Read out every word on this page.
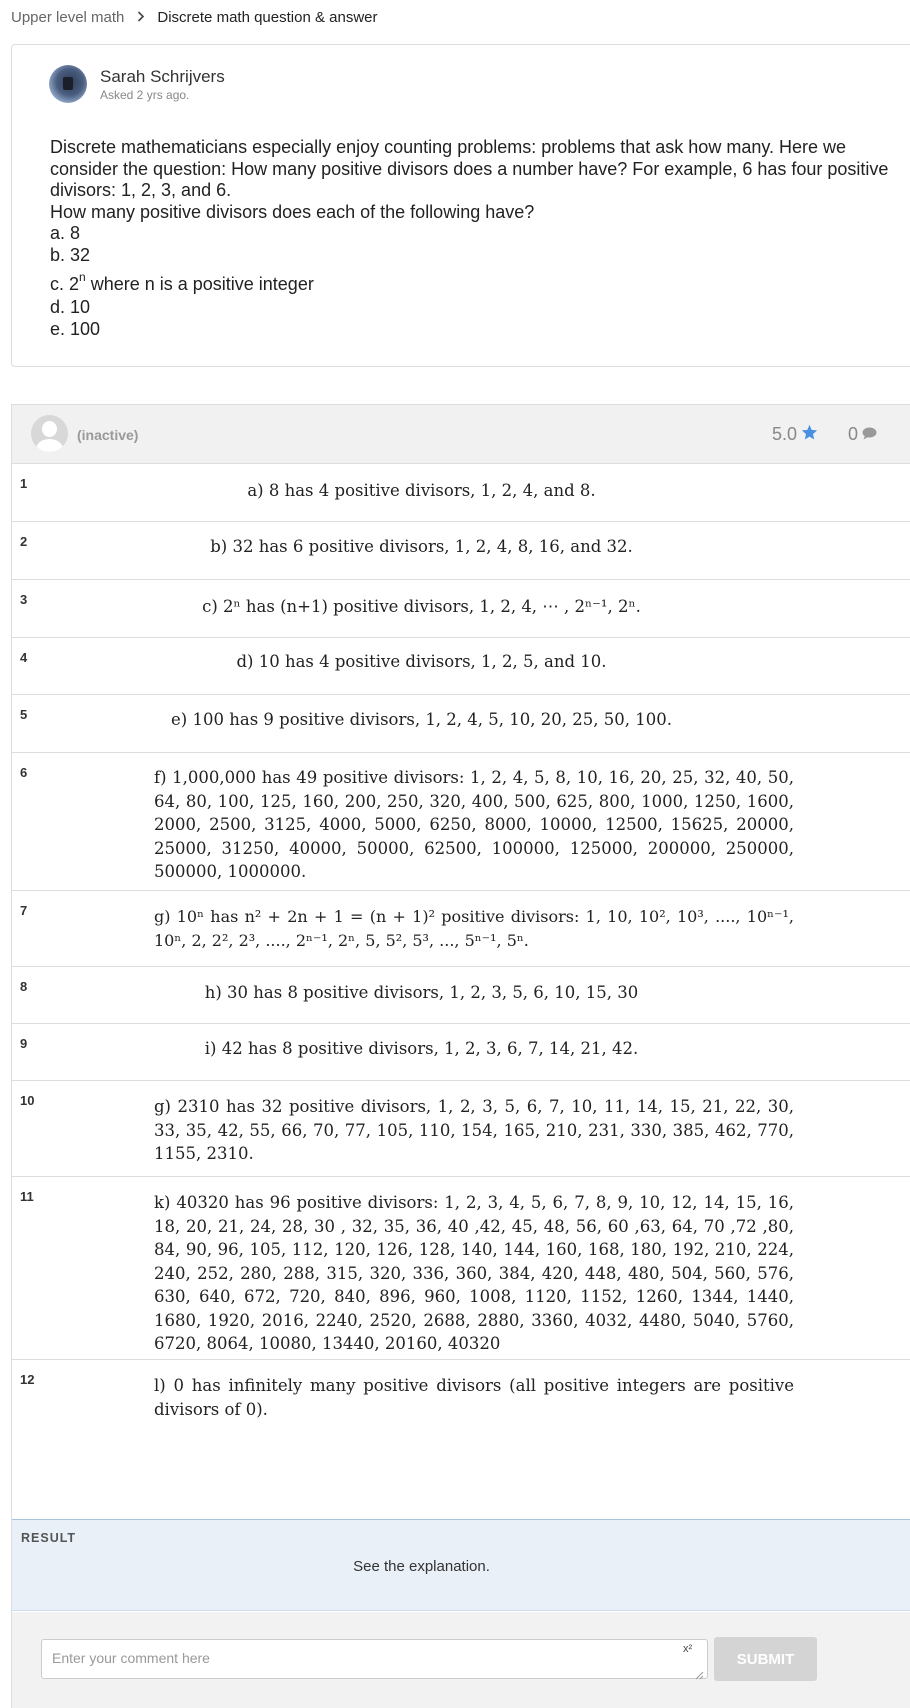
Upper level math Discrete math question & answer
Sarah Schrijvers
Asked 2 yrs ago.
Discrete mathematicians especially enjoy counting problems: problems that ask how many. Here we consider the question: How many positive divisors does a number have? For example, 6 has four positive divisors: 1, 2, 3, and 6.
How many positive divisors does each of the following have?
a. 8
b. 32
c. 2$^n$ where n is a positive integer
d. 10
e. 100
(inactive)	5.0	0
1	a) 8 has 4 positive divisors, 1, 2, 4, and 8.
2	b) 32 has 6 positive divisors, 1, 2, 4, 8, 16, and 32.
3	c) 2ⁿ has (n+1) positive divisors, 1, 2, 4, ⋯ , 2ⁿ⁻¹, 2ⁿ.
4	d) 10 has 4 positive divisors, 1, 2, 5, and 10.
5	e) 100 has 9 positive divisors, 1, 2, 4, 5, 10, 20, 25, 50, 100.
6	f) 1,000,000 has 49 positive divisors: 1, 2, 4, 5, 8, 10, 16, 20, 25, 32, 40, 50, 64, 80, 100, 125, 160, 200, 250, 320, 400, 500, 625, 800, 1000, 1250, 1600, 2000, 2500, 3125, 4000, 5000, 6250, 8000, 10000, 12500, 15625, 20000, 25000, 31250, 40000, 50000, 62500, 100000, 125000, 200000, 250000, 500000, 1000000.
7	g) 10ⁿ has n² + 2n + 1 = (n + 1)² positive divisors: 1, 10, 10², 10³, ...., 10ⁿ⁻¹, 10ⁿ, 2, 2², 2³, ...., 2ⁿ⁻¹, 2ⁿ, 5, 5², 5³, ..., 5ⁿ⁻¹, 5ⁿ.
8	h) 30 has 8 positive divisors, 1, 2, 3, 5, 6, 10, 15, 30
9	i) 42 has 8 positive divisors, 1, 2, 3, 6, 7, 14, 21, 42.
10	g) 2310 has 32 positive divisors, 1, 2, 3, 5, 6, 7, 10, 11, 14, 15, 21, 22, 30, 33, 35, 42, 55, 66, 70, 77, 105, 110, 154, 165, 210, 231, 330, 385, 462, 770, 1155, 2310.
11	k) 40320 has 96 positive divisors: 1, 2, 3, 4, 5, 6, 7, 8, 9, 10, 12, 14, 15, 16, 18, 20, 21, 24, 28, 30 , 32, 35, 36, 40 ,42, 45, 48, 56, 60 ,63, 64, 70 ,72 ,80, 84, 90, 96, 105, 112, 120, 126, 128, 140, 144, 160, 168, 180, 192, 210, 224, 240, 252, 280, 288, 315, 320, 336, 360, 384, 420, 448, 480, 504, 560, 576, 630, 640, 672, 720, 840, 896, 960, 1008, 1120, 1152, 1260, 1344, 1440, 1680, 1920, 2016, 2240, 2520, 2688, 2880, 3360, 4032, 4480, 5040, 5760, 6720, 8064, 10080, 13440, 20160, 40320
12	l) 0 has infinitely many positive divisors (all positive integers are positive divisors of 0).
RESULT
See the explanation.
Enter your comment here
x²
SUBMIT
